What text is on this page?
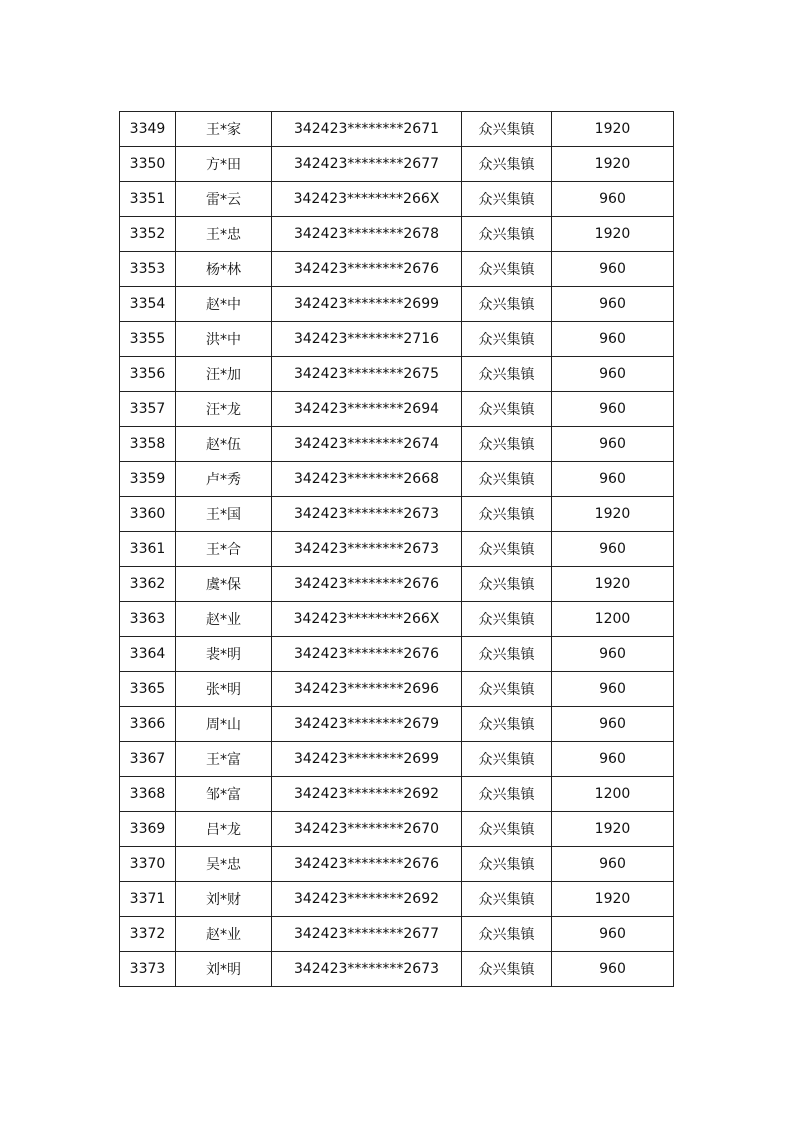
3349	王*家	342423********2671	众兴集镇	1920
3350	方*田	342423********2677	众兴集镇	1920
3351	雷*云	342423********266X	众兴集镇	960
3352	王*忠	342423********2678	众兴集镇	1920
3353	杨*林	342423********2676	众兴集镇	960
3354	赵*中	342423********2699	众兴集镇	960
3355	洪*中	342423********2716	众兴集镇	960
3356	汪*加	342423********2675	众兴集镇	960
3357	汪*龙	342423********2694	众兴集镇	960
3358	赵*伍	342423********2674	众兴集镇	960
3359	卢*秀	342423********2668	众兴集镇	960
3360	王*国	342423********2673	众兴集镇	1920
3361	王*合	342423********2673	众兴集镇	960
3362	虞*保	342423********2676	众兴集镇	1920
3363	赵*业	342423********266X	众兴集镇	1200
3364	裴*明	342423********2676	众兴集镇	960
3365	张*明	342423********2696	众兴集镇	960
3366	周*山	342423********2679	众兴集镇	960
3367	王*富	342423********2699	众兴集镇	960
3368	邹*富	342423********2692	众兴集镇	1200
3369	吕*龙	342423********2670	众兴集镇	1920
3370	吴*忠	342423********2676	众兴集镇	960
3371	刘*财	342423********2692	众兴集镇	1920
3372	赵*业	342423********2677	众兴集镇	960
3373	刘*明	342423********2673	众兴集镇	960
